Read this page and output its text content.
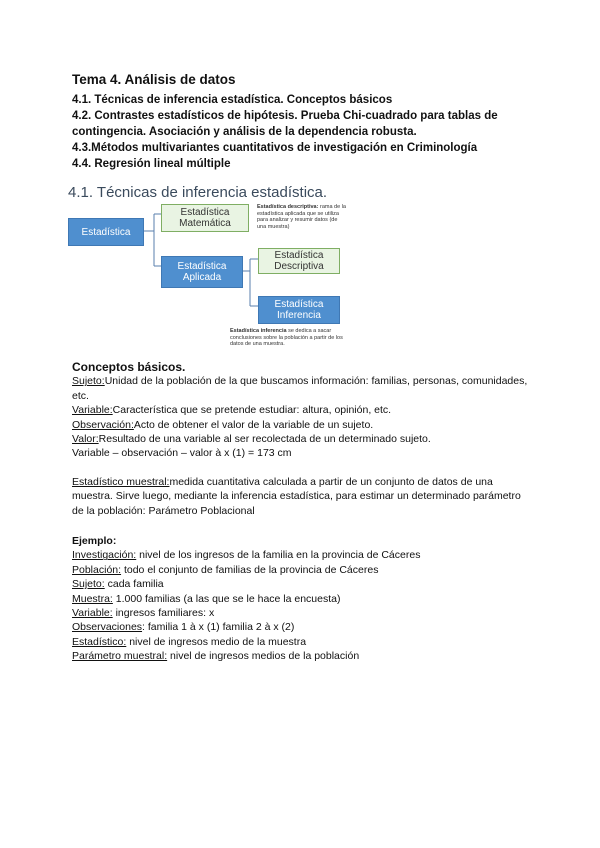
Tema 4. Análisis de datos
4.1. Técnicas de inferencia estadística. Conceptos básicos
4.2. Contrastes estadísticos de hipótesis. Prueba Chi-cuadrado para tablas de contingencia. Asociación y análisis de la dependencia robusta.
4.3.Métodos multivariantes cuantitativos de investigación en Criminología
4.4. Regresión lineal múltiple
4.1. Técnicas de inferencia estadística.
Estadística
Estadística Matemática
Estadística Aplicada
Estadística Descriptiva
Estadística Inferencia
Estadística descriptiva: rama de la estadística aplicada que se utiliza para analizar y resumir datos (de una muestra)
Estadística inferencia se dedica a sacar conclusiones sobre la población a partir de los datos de una muestra.
Conceptos básicos.
Sujeto:Unidad de la población de la que buscamos información: familias, personas, comunidades, etc.
Variable:Característica que se pretende estudiar: altura, opinión, etc.
Observación:Acto de obtener el valor de la variable de un sujeto.
Valor:Resultado de una variable al ser recolectada de un determinado sujeto.
Variable – observación – valor à x (1) = 173 cm
Estadístico muestral:medida cuantitativa calculada a partir de un conjunto de datos de una muestra. Sirve luego, mediante la inferencia estadística, para estimar un determinado parámetro de la población: Parámetro Poblacional
Ejemplo:
Investigación: nivel de los ingresos de la familia en la provincia de Cáceres
Población: todo el conjunto de familias de la provincia de Cáceres
Sujeto: cada familia
Muestra: 1.000 familias (a las que se le hace la encuesta)
Variable: ingresos familiares: x
Observaciones: familia 1 à x (1) familia 2 à x (2)
Estadístico: nivel de ingresos medio de la muestra
Parámetro muestral: nivel de ingresos medios de la población
